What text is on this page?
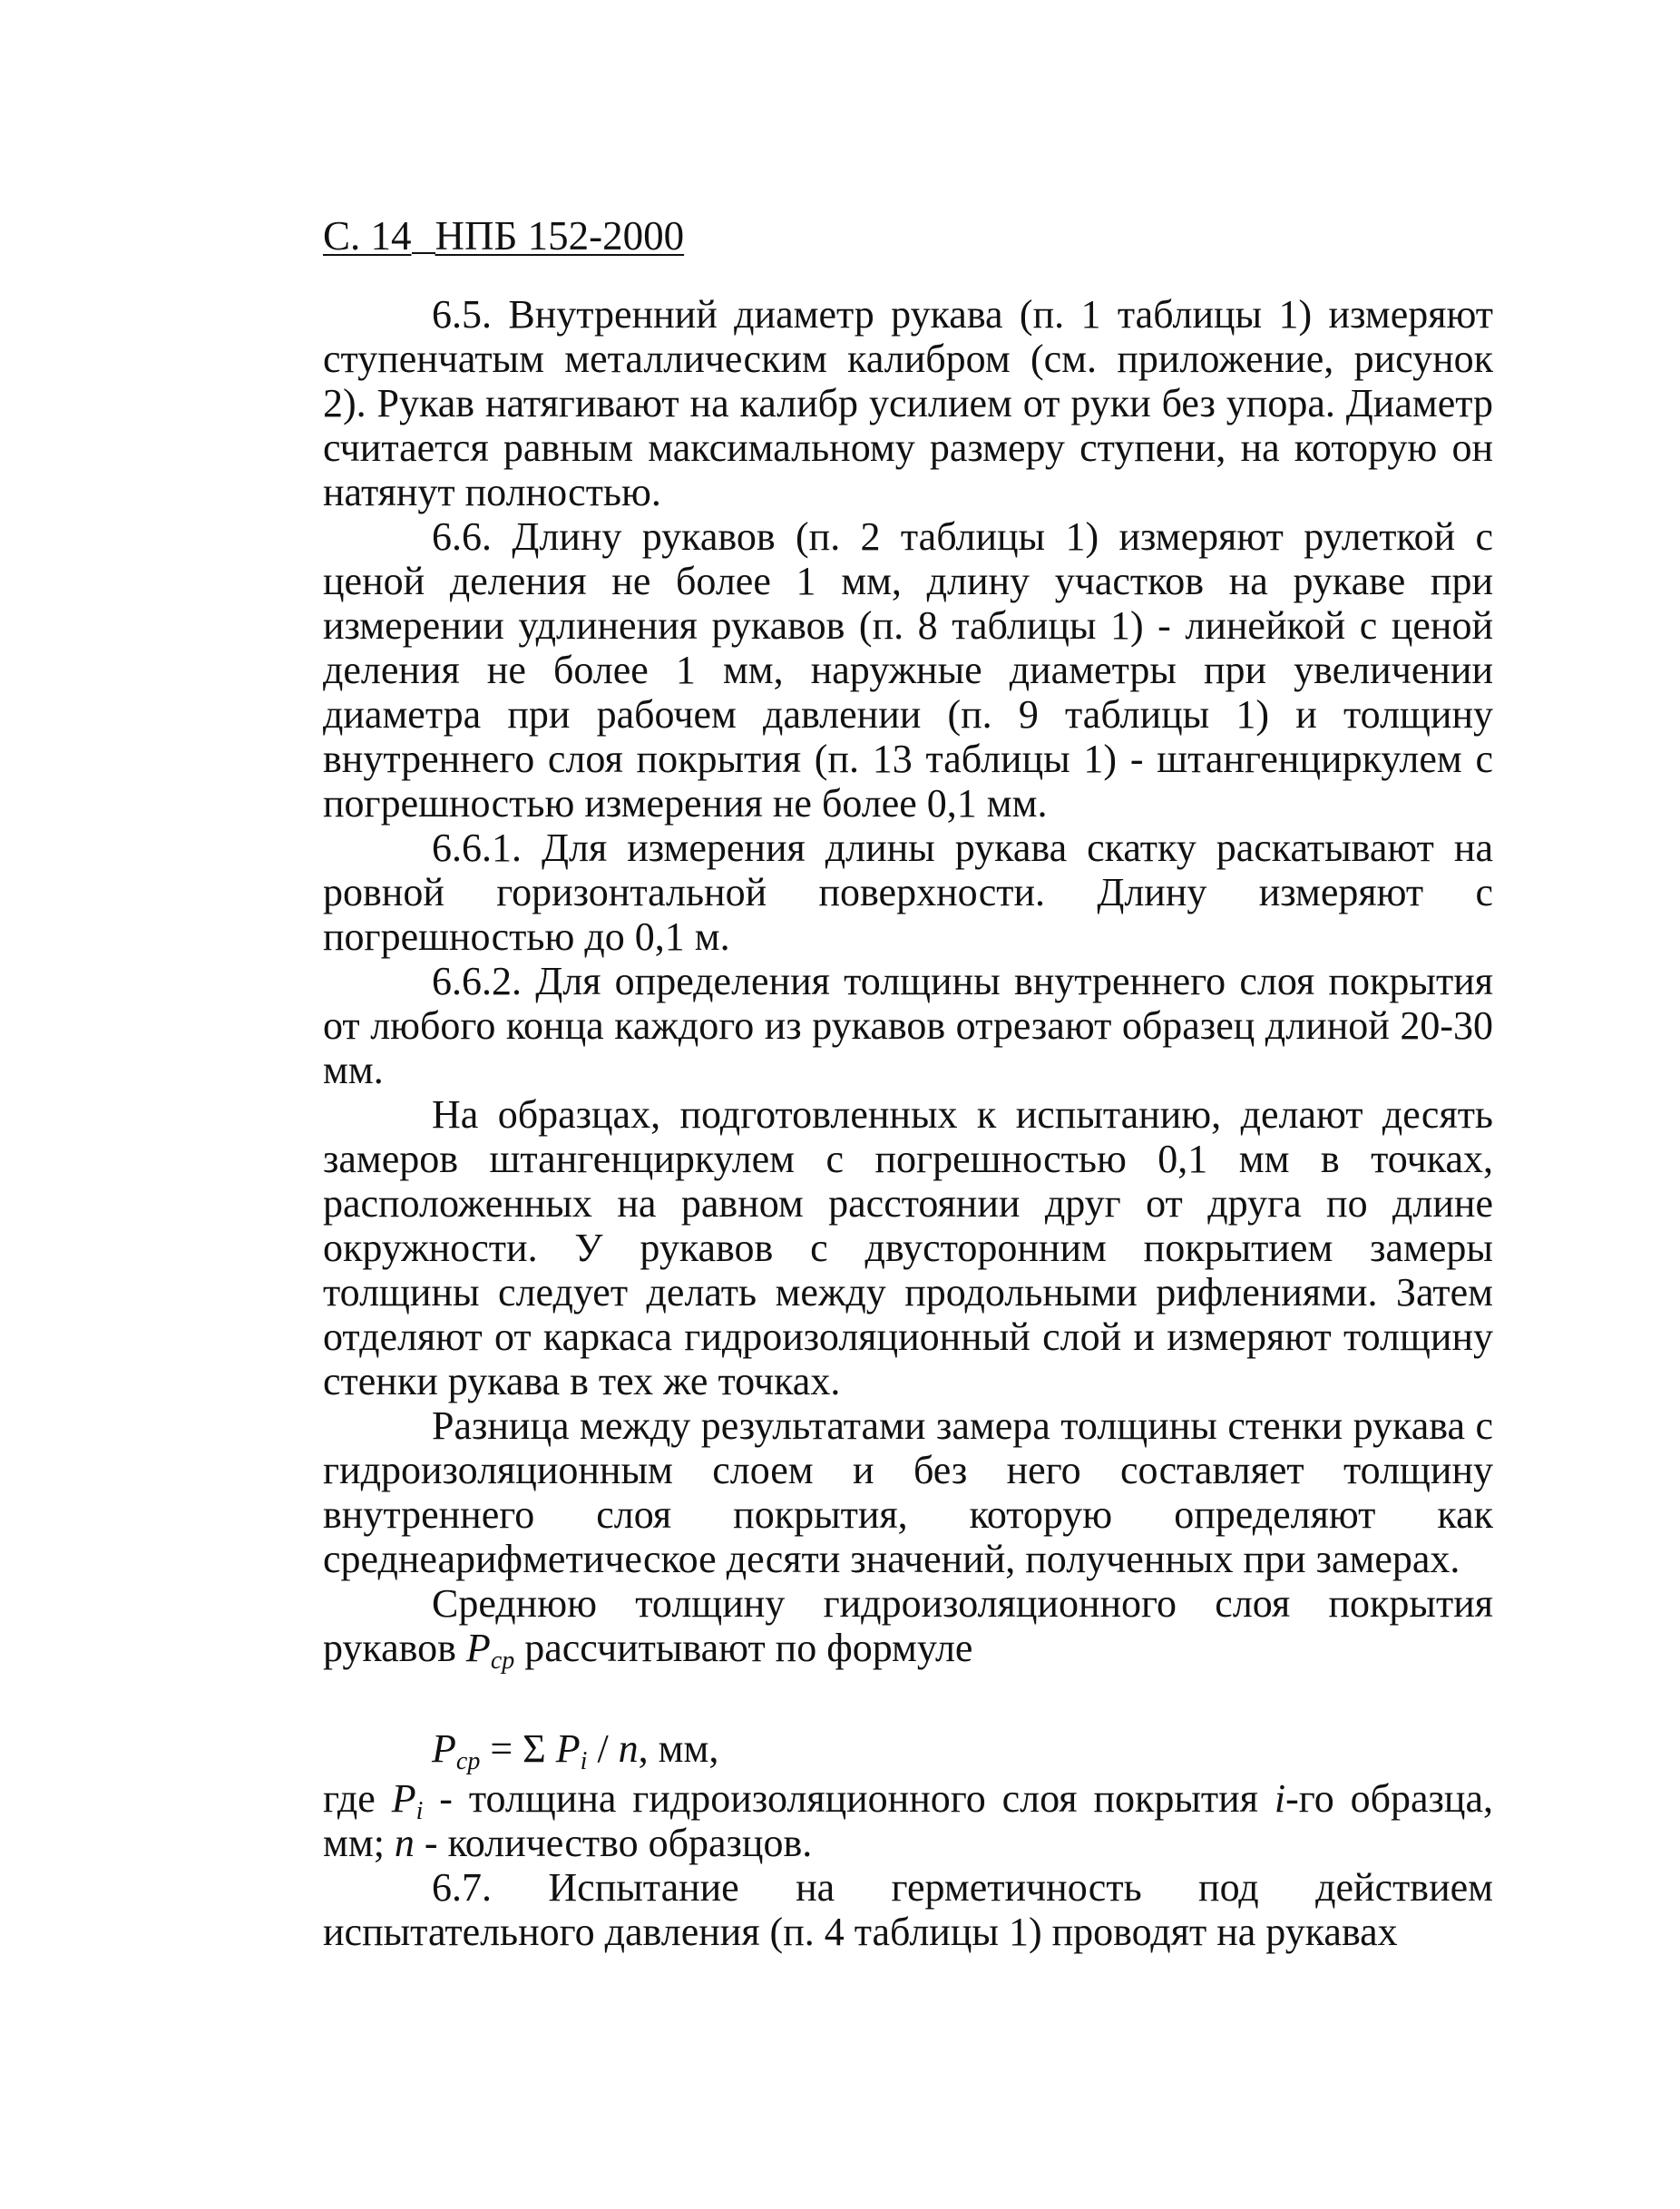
С. 14 НПБ 152-2000

6.5. Внутренний диаметр рукава (п. 1 таблицы 1) измеряют ступенчатым металлическим калибром (см. приложение, рисунок 2). Рукав натягивают на калибр усилием от руки без упора. Диаметр считается равным максимальному размеру ступени, на которую он натянут полностью.

6.6. Длину рукавов (п. 2 таблицы 1) измеряют рулеткой с ценой деления не более 1 мм, длину участков на рукаве при измерении удлинения рукавов (п. 8 таблицы 1) - линейкой с ценой деления не более 1 мм, наружные диаметры при увеличении диаметра при рабочем давлении (п. 9 таблицы 1) и толщину внутреннего слоя покрытия (п. 13 таблицы 1) - штангенциркулем с погрешностью измерения не более 0,1 мм.

6.6.1. Для измерения длины рукава скатку раскатывают на ровной горизонтальной поверхности. Длину измеряют с погрешностью до 0,1 м.

6.6.2. Для определения толщины внутреннего слоя покрытия от любого конца каждого из рукавов отрезают образец длиной 20-30 мм.

На образцах, подготовленных к испытанию, делают десять замеров штангенциркулем с погрешностью 0,1 мм в точках, расположенных на равном расстоянии друг от друга по длине окружности. У рукавов с двусторонним покрытием замеры толщины следует делать между продольными рифлениями. Затем отделяют от каркаса гидроизоляционный слой и измеряют толщину стенки рукава в тех же точках.

Разница между результатами замера толщины стенки рукава с гидроизоляционным слоем и без него составляет толщину внутреннего слоя покрытия, которую определяют как среднеарифметическое десяти значений, полученных при замерах.

Среднюю толщину гидроизоляционного слоя покрытия рукавов $P_{ср}$ рассчитывают по формуле

$P_{ср} = \Sigma$ $P_i$ / n, мм,

где $P_i$ - толщина гидроизоляционного слоя покрытия i-го образца, мм; n - количество образцов.

6.7. Испытание на герметичность под действием испытательного давления (п. 4 таблицы 1) проводят на рукавах
